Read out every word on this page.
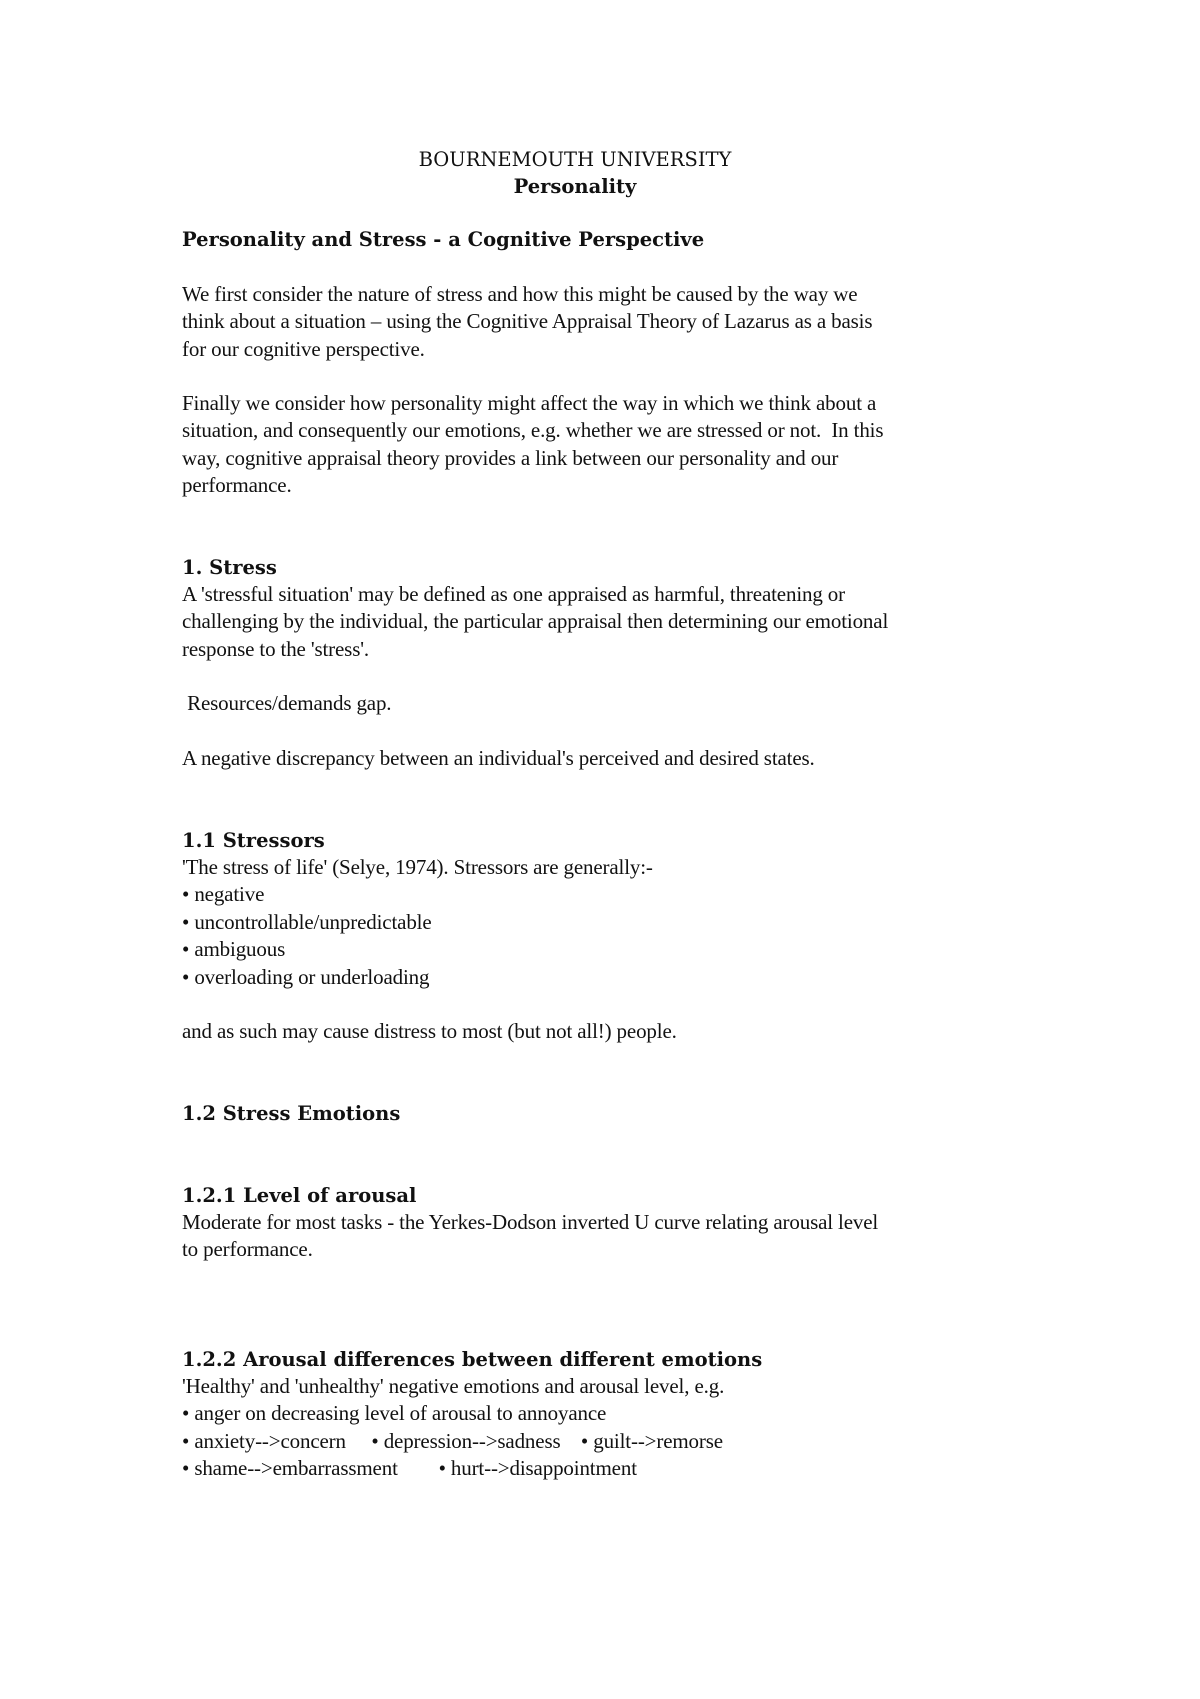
BOURNEMOUTH UNIVERSITY
Personality
Personality and Stress - a Cognitive Perspective
We first consider the nature of stress and how this might be caused by the way we
think about a situation – using the Cognitive Appraisal Theory of Lazarus as a basis
for our cognitive perspective.
Finally we consider how personality might affect the way in which we think about a
situation, and consequently our emotions, e.g. whether we are stressed or not.  In this
way, cognitive appraisal theory provides a link between our personality and our
performance.
1. Stress
A 'stressful situation' may be defined as one appraised as harmful, threatening or
challenging by the individual, the particular appraisal then determining our emotional
response to the 'stress'.
Resources/demands gap.
A negative discrepancy between an individual's perceived and desired states.
1.1 Stressors
'The stress of life' (Selye, 1974). Stressors are generally:-
• negative
• uncontrollable/unpredictable
• ambiguous
• overloading or underloading
and as such may cause distress to most (but not all!) people.
1.2 Stress Emotions
1.2.1 Level of arousal
Moderate for most tasks - the Yerkes-Dodson inverted U curve relating arousal level
to performance.
1.2.2 Arousal differences between different emotions
'Healthy' and 'unhealthy' negative emotions and arousal level, e.g.
• anger on decreasing level of arousal to annoyance
• anxiety-->concern • depression-->sadness • guilt-->remorse
• shame-->embarrassment	• hurt-->disappointment
